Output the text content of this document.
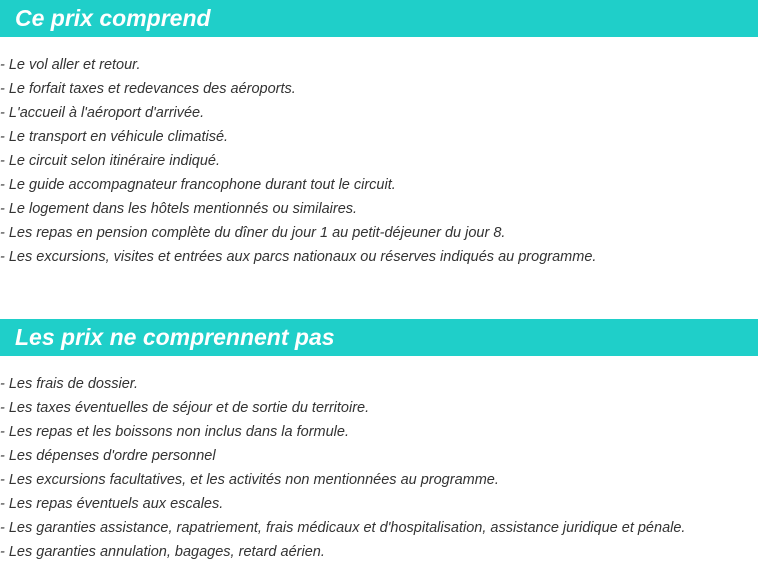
Ce prix comprend
- Le vol aller et retour.
- Le forfait taxes et redevances des aéroports.
- L'accueil à l'aéroport d'arrivée.
- Le transport en véhicule climatisé.
- Le circuit selon itinéraire indiqué.
- Le guide accompagnateur francophone durant tout le circuit.
- Le logement dans les hôtels mentionnés ou similaires.
- Les repas en pension complète du dîner du jour 1 au petit-déjeuner du jour 8.
- Les excursions, visites et entrées aux parcs nationaux ou réserves indiqués au programme.
Les prix ne comprennent pas
- Les frais de dossier.
- Les taxes éventuelles de séjour et de sortie du territoire.
- Les repas et les boissons non inclus dans la formule.
- Les dépenses d'ordre personnel
- Les excursions facultatives, et les activités non mentionnées au programme.
- Les repas éventuels aux escales.
- Les garanties assistance, rapatriement, frais médicaux et d'hospitalisation, assistance juridique et pénale.
- Les garanties annulation, bagages, retard aérien.
